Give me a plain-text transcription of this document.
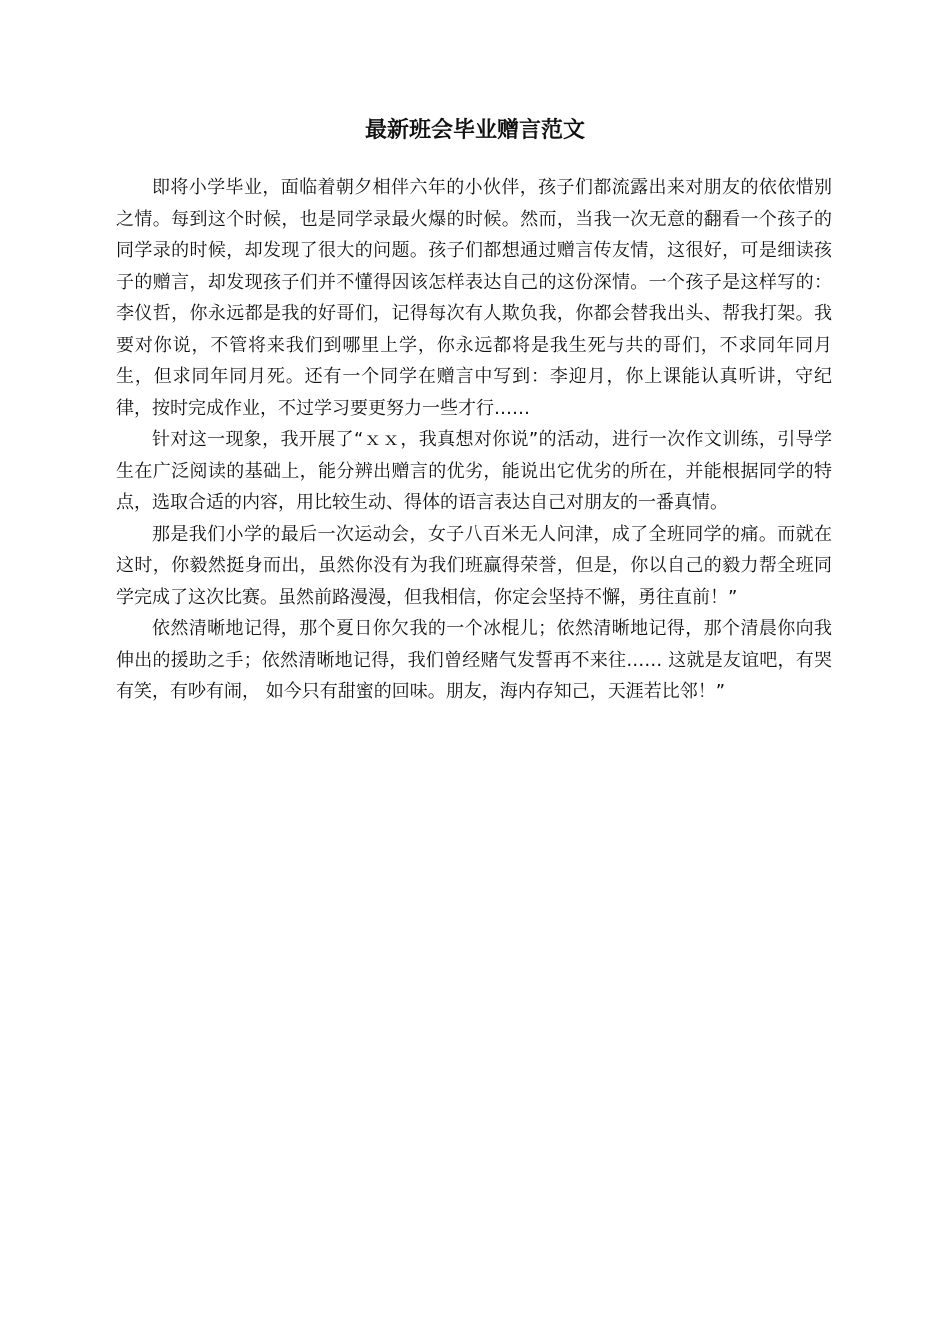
最新班会毕业赠言范文

即将小学毕业，面临着朝夕相伴六年的小伙伴，孩子们都流露出来对朋友的依依惜别之情。每到这个时候，也是同学录最火爆的时候。然而，当我一次无意的翻看一个孩子的同学录的时候，却发现了很大的问题。孩子们都想通过赠言传友情，这很好，可是细读孩子的赠言，却发现孩子们并不懂得因该怎样表达自己的这份深情。一个孩子是这样写的：李仪哲，你永远都是我的好哥们，记得每次有人欺负我，你都会替我出头、帮我打架。我要对你说，不管将来我们到哪里上学，你永远都将是我生死与共的哥们，不求同年同月生，但求同年同月死。还有一个同学在赠言中写到：李迎月，你上课能认真听讲，守纪律，按时完成作业，不过学习要更努力一些才行……

针对这一现象，我开展了“ｘｘ，我真想对你说”的活动，进行一次作文训练，引导学生在广泛阅读的基础上，能分辨出赠言的优劣，能说出它优劣的所在，并能根据同学的特点，选取合适的内容，用比较生动、得体的语言表达自己对朋友的一番真情。

那是我们小学的最后一次运动会，女子八百米无人问津，成了全班同学的痛。而就在这时，你毅然挺身而出，虽然你没有为我们班赢得荣誉，但是，你以自己的毅力帮全班同学完成了这次比赛。虽然前路漫漫，但我相信，你定会坚持不懈，勇往直前！”

依然清晰地记得，那个夏日你欠我的一个冰棍儿；依然清晰地记得，那个清晨你向我伸出的援助之手；依然清晰地记得，我们曾经赌气发誓再不来往…… 这就是友谊吧，有哭有笑，有吵有闹， 如今只有甜蜜的回味。朋友，海内存知己，天涯若比邻！”
